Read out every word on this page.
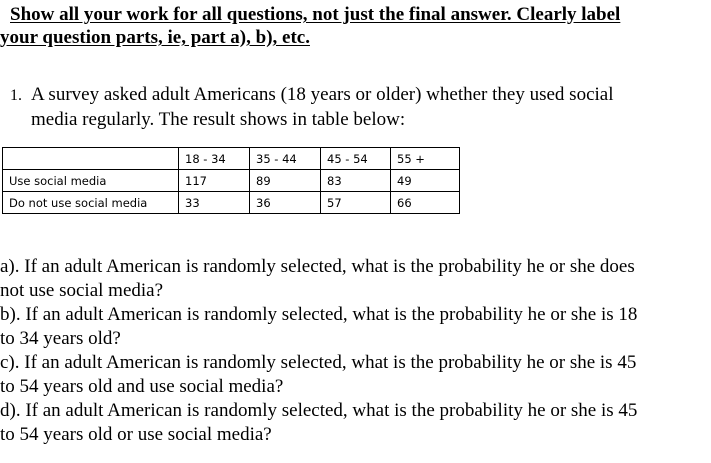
Show all your work for all questions, not just the final answer. Clearly label
your question parts, ie, part a), b), etc.
1. A survey asked adult Americans (18 years or older) whether they used social
media regularly. The result shows in table below:
	18 - 34	35 - 44	45 - 54	55 +
Use social media	117	89	83	49
Do not use social media	33	36	57	66

a). If an adult American is randomly selected, what is the probability he or she does
not use social media?

b). If an adult American is randomly selected, what is the probability he or she is 18
to 34 years old?

c). If an adult American is randomly selected, what is the probability he or she is 45
to 54 years old and use social media?

d). If an adult American is randomly selected, what is the probability he or she is 45
to 54 years old or use social media?
